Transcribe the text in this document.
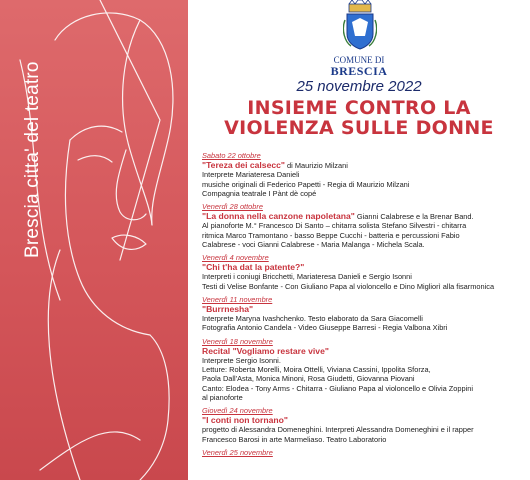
Brescia citta' del teatro
COMUNE DI
BRESCIA
25 novembre 2022
INSIEME CONTRO LA
VIOLENZA SULLE DONNE
Sabato 22 ottobre
"Tereza dei calsecc" di Maurizio Milzani
Interprete Mariateresa Danieli
musiche originali di Federico Papetti - Regia di Maurizio Milzani
Compagnia teatrale I Pànt dè copé
Venerdì 28 ottobre
"La donna nella canzone napoletana" Gianni Calabrese e la Brenar Band.
Al pianoforte M.° Francesco Di Santo – chitarra solista Stefano Silvestri - chitarra
ritmica Marco Tramontano - basso Beppe Cucchi - batteria e percussioni Fabio
Calabrese - voci Gianni Calabrese - Maria Malanga - Michela Scala.
Venerdì 4 novembre
"Chi t'ha dat la patente?"
Interpreti i coniugi Bricchetti, Mariateresa Danieli e Sergio Isonni
Testi di Velise Bonfante - Con Giuliano Papa al violoncello e Dino Migliorì alla fisarmonica
Venerdì 11 novembre
"Burrnesha"
Interprete Maryna Ivashchenko. Testo elaborato da Sara Giacomelli
Fotografia Antonio Candela - Video Giuseppe Barresi - Regia Valbona Xibri
Venerdì 18 novembre
Recital "Vogliamo restare vive"
Interprete Sergio Isonni.
Letture: Roberta Morelli, Moira Ottelli, Viviana Cassini, Ippolita Sforza,
Paola Dall'Asta, Monica Minoni, Rosa Giudetti, Giovanna Piovani
Canto: Elodea - Tony Arms - Chitarra - Giuliano Papa al violoncello e Olivia Zoppini
al pianoforte
Giovedì 24 novembre
"I conti non tornano"
progetto di Alessandra Domeneghini. Interpreti Alessandra Domeneghini e il rapper
Francesco Barosi in arte Marmeliaso. Teatro Laboratorio
Venerdì 25 novembre
